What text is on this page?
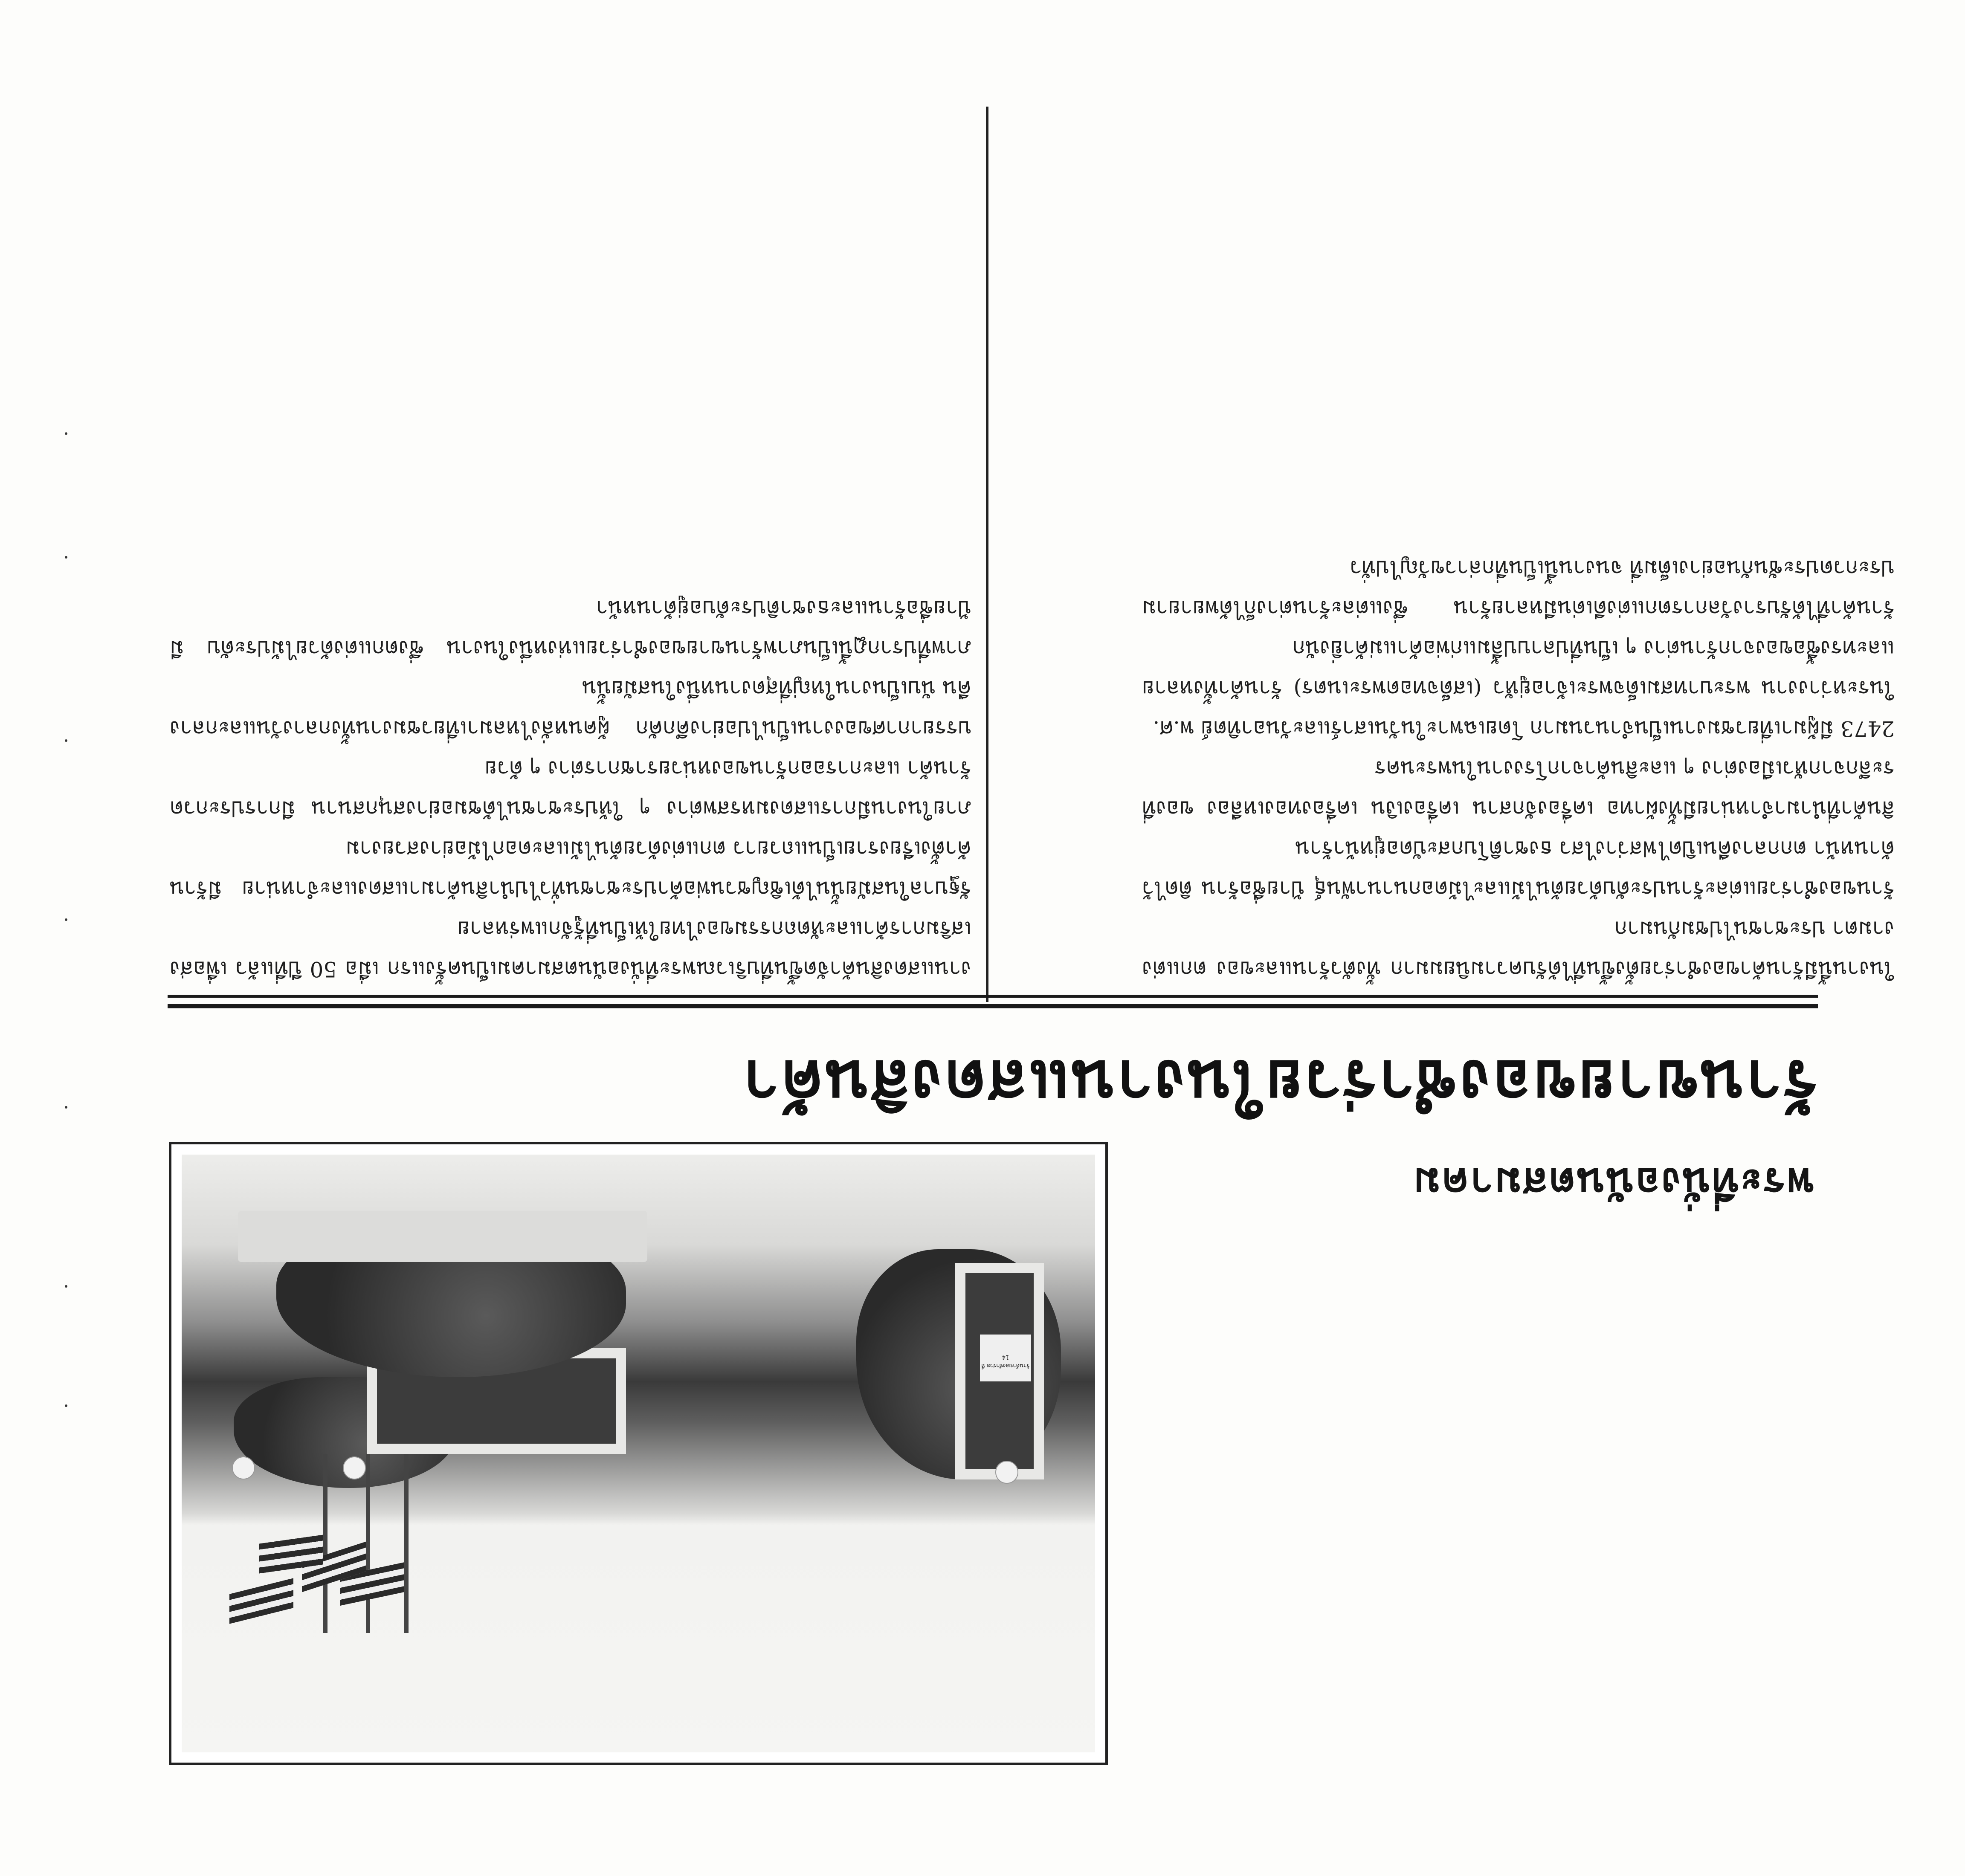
ในงานนี้มีร้านค้าของชำร่วยตั้งขึ้นที่ได้รับความนิยมมาก ทั้งตัวร้านและของ ตกแต่งงามตา ประชาชนไปชมกันมาก

ร้านของชำร่วยแต่ละร้านประดับด้วยต้นไม้และไม้ดอกนานาพันธุ์ ป้ายชื่อร้าน ติดไว้ด้านหน้า ตกกลางคืนเปิดไฟสว่างไสว ธงชาติโบกสะบัดอยู่หน้าร้าน

สินค้าที่นำมาจำหน่ายมีทั้งผ้าทอ เครื่องจักสาน เครื่องเงิน เครื่องทองเหลือง ของที่ระลึกจากหัวเมืองต่าง ๆ และสินค้าจากโรงงานในพระนคร

2473 มีผู้มาเที่ยวชมงานเป็นจำนวนมาก โดยเฉพาะในวันเสาร์และวันอาทิตย์ พ.ศ.

ในระหว่างงาน พระบาทสมเด็จพระเจ้าอยู่หัว (เสด็จทอดพระเนตร) ร้านค้าทั้งหลาย และทรงซื้อของจากร้านต่าง ๆ เป็นที่ปลาบปลื้มแก่พ่อค้าแม่ค้ายิ่งนัก

ร้านค้าที่ได้รับรางวัลการตกแต่งดีเด่นมีหลายร้าน ซึ่งแต่ละร้านต่างก็ได้พยายามประกวดประชันกันอย่างเต็มที่ จนงานนี้เป็นที่กล่าวขวัญไปทั่ว

งานแสดงสินค้าจัดขึ้นที่บริเวณพระที่นั่งอนันตสมาคมเป็นครั้งแรก เมื่อ 50 ปีที่แล้ว เพื่อส่งเสริมการค้าและหัตถกรรมของไทยให้เป็นที่รู้จักแพร่หลาย

รัฐบาลในสมัยนั้นได้เชิญชวนพ่อค้าประชาชนทั่วไปนำสินค้ามาแสดงและจำหน่าย มีร้านค้าตั้งเรียงรายเป็นแถวยาว ตกแต่งด้วยต้นไม้และดอกไม้อย่างสวยงาม

ภายในงานมีการแสดงมหรสพต่าง ๆ ให้ประชาชนได้ชมอย่างสนุกสนาน มีการประกวดร้านค้า และการออกร้านของหน่วยราชการต่าง ๆ ด้วย

บรรยากาศของงานเป็นไปอย่างคึกคัก ผู้คนหลั่งไหลมาเที่ยวชมงานทั้งกลางวันและกลางคืน นับเป็นงานใหญ่ที่สุดงานหนึ่งในสมัยนั้น

ภาพที่ปรากฏนี้เป็นภาพร้านขายของชำร่วยแห่งหนึ่งในงาน ซึ่งตกแต่งด้วยไม้ประดับ มีป้ายชื่อร้านและธงชาติประดับอยู่ด้านหน้า

ร้านขายของชำร่วยในงานแสดงสินค้า
พระที่นั่งอนันตสมาคม
ร้านค้าของชำร่วย ที่ 14
